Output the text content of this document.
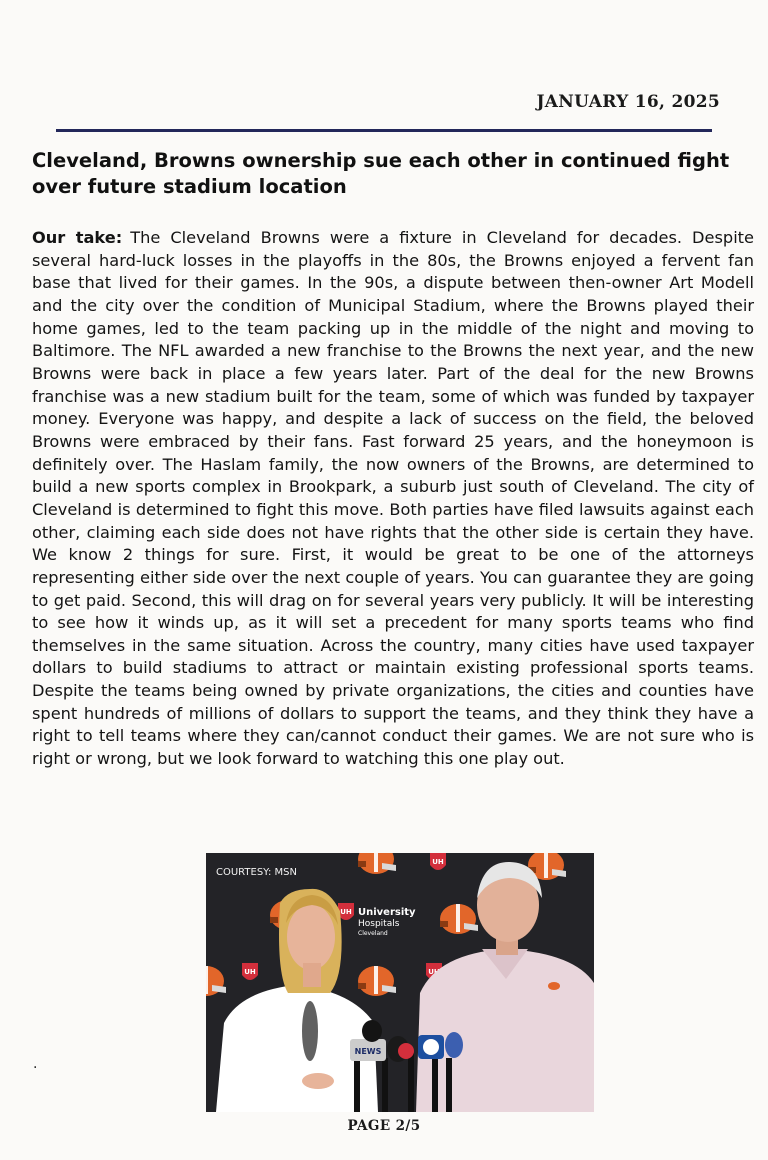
JANUARY 16, 2025
Cleveland, Browns ownership sue each other in continued fight over future stadium location

Our take: The Cleveland Browns were a fixture in Cleveland for decades. Despite several hard-luck losses in the playoffs in the 80s, the Browns enjoyed a fervent fan base that lived for their games. In the 90s, a dispute between then-owner Art Modell and the city over the condition of Municipal Stadium, where the Browns played their home games, led to the team packing up in the middle of the night and moving to Baltimore. The NFL awarded a new franchise to the Browns the next year, and the new Browns were back in place a few years later. Part of the deal for the new Browns franchise was a new stadium built for the team, some of which was funded by taxpayer money. Everyone was happy, and despite a lack of success on the field, the beloved Browns were embraced by their fans. Fast forward 25 years, and the honeymoon is definitely over. The Haslam family, the now owners of the Browns, are determined to build a new sports complex in Brookpark, a suburb just south of Cleveland. The city of Cleveland is determined to fight this move. Both parties have filed lawsuits against each other, claiming each side does not have rights that the other side is certain they have. We know 2 things for sure. First, it would be great to be one of the attorneys representing either side over the next couple of years. You can guarantee they are going to get paid. Second, this will drag on for several years very publicly. It will be interesting to see how it winds up, as it will set a precedent for many sports teams who find themselves in the same situation. Across the country, many cities have used taxpayer dollars to build stadiums to attract or maintain existing professional sports teams. Despite the teams being owned by private organizations, the cities and counties have spent hundreds of millions of dollars to support the teams, and they think they have a right to tell teams where they can/cannot conduct their games. We are not sure who is right or wrong, but we look forward to watching this one play out.

University
Hospitals
Cleveland
NEWS
COURTESY: MSN
.
PAGE 2/5
